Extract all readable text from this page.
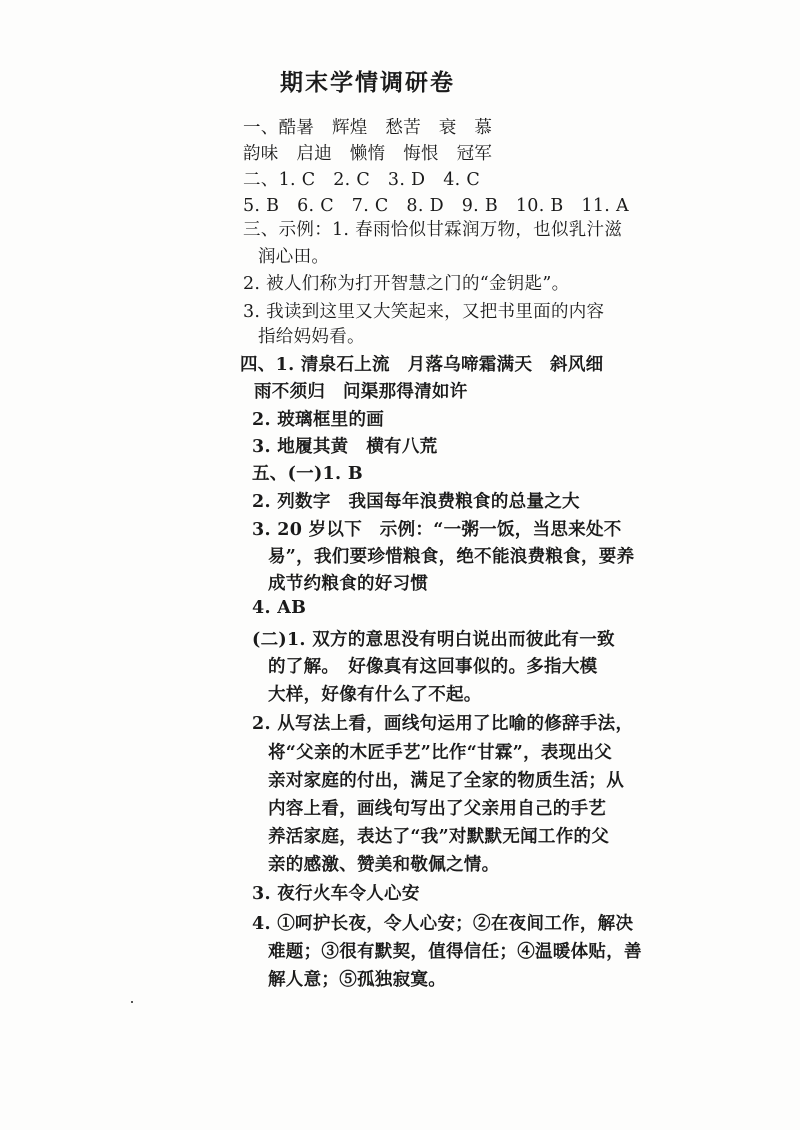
期末学情调研卷
一、酷暑　辉煌　愁苦　衰　慕
韵味　启迪　懒惰　悔恨　冠军
二、1. C　2. C　3. D　4. C
5. B　6. C　7. C　8. D　9. B　10. B　11. A
三、示例：1. 春雨恰似甘霖润万物，也似乳汁滋
润心田。
2. 被人们称为打开智慧之门的“金钥匙”。
3. 我读到这里又大笑起来，又把书里面的内容
指给妈妈看。
四、1. 清泉石上流　月落乌啼霜满天　斜风细
雨不须归　问渠那得清如许
2. 玻璃框里的画
3. 地履其黄　横有八荒
五、(一)1. B
2. 列数字　我国每年浪费粮食的总量之大
3. 20 岁以下　示例：“一粥一饭，当思来处不
易”，我们要珍惜粮食，绝不能浪费粮食，要养
成节约粮食的好习惯
4. AB
(二)1. 双方的意思没有明白说出而彼此有一致
的了解。　好像真有这回事似的。多指大模
大样，好像有什么了不起。
2. 从写法上看，画线句运用了比喻的修辞手法，
将“父亲的木匠手艺”比作“甘霖”，表现出父
亲对家庭的付出，满足了全家的物质生活；从
内容上看，画线句写出了父亲用自己的手艺
养活家庭，表达了“我”对默默无闻工作的父
亲的感激、赞美和敬佩之情。
3. 夜行火车令人心安
4. ①呵护长夜，令人心安；②在夜间工作，解决
难题；③很有默契，值得信任；④温暖体贴，善
解人意；⑤孤独寂寞。
